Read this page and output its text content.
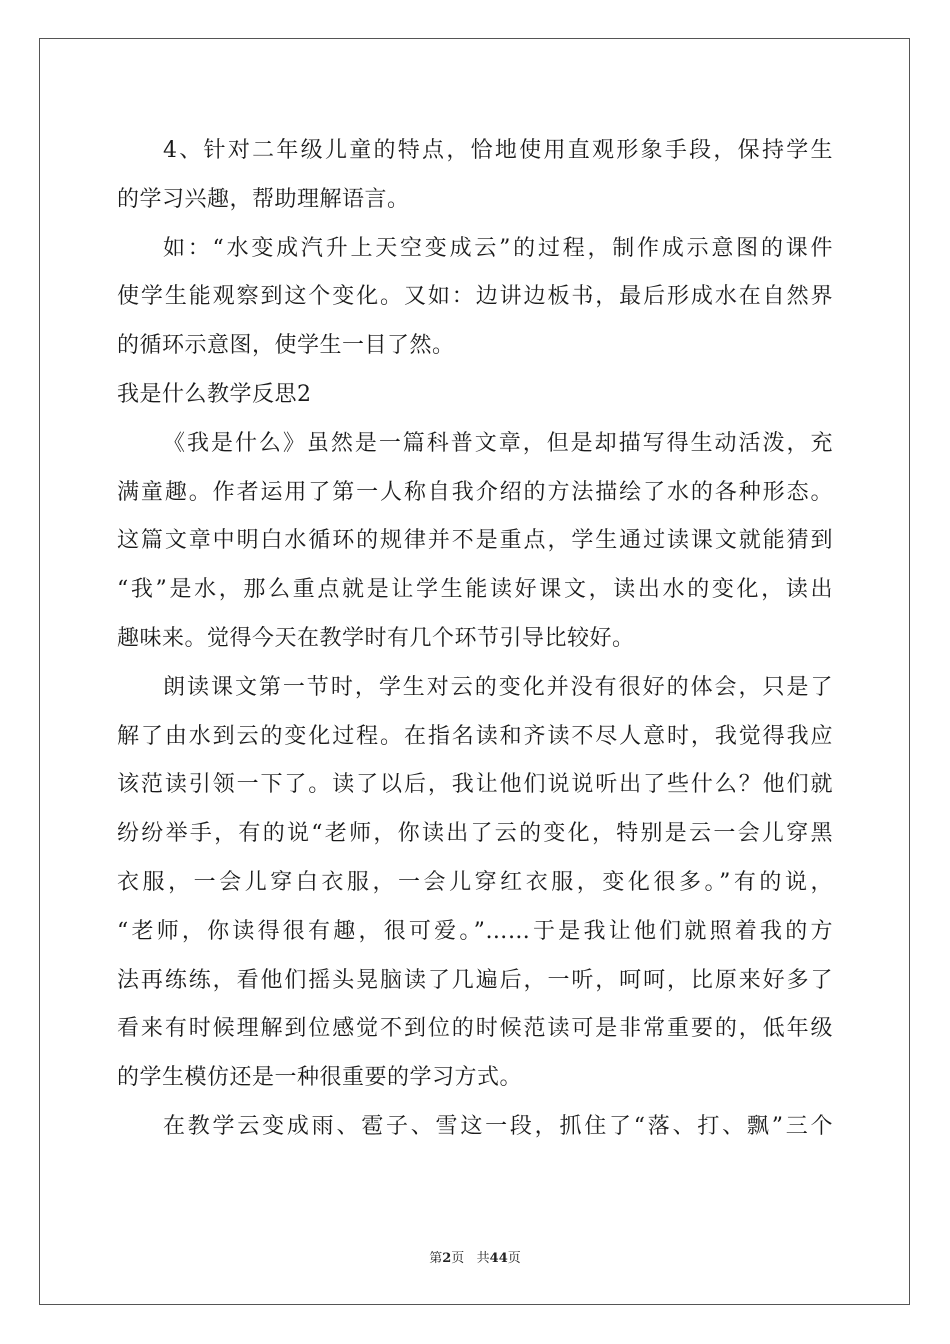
4、针对二年级儿童的特点，恰地使用直观形象手段，保持学生
的学习兴趣，帮助理解语言。
如：“水变成汽升上天空变成云”的过程，制作成示意图的课件
使学生能观察到这个变化。又如：边讲边板书，最后形成水在自然界
的循环示意图，使学生一目了然。
我是什么教学反思2
《我是什么》虽然是一篇科普文章，但是却描写得生动活泼，充
满童趣。作者运用了第一人称自我介绍的方法描绘了水的各种形态。
这篇文章中明白水循环的规律并不是重点，学生通过读课文就能猜到
“我”是水，那么重点就是让学生能读好课文，读出水的变化，读出
趣味来。觉得今天在教学时有几个环节引导比较好。
朗读课文第一节时，学生对云的变化并没有很好的体会，只是了
解了由水到云的变化过程。在指名读和齐读不尽人意时，我觉得我应
该范读引领一下了。读了以后，我让他们说说听出了些什么？他们就
纷纷举手，有的说“老师，你读出了云的变化，特别是云一会儿穿黑
衣服，一会儿穿白衣服，一会儿穿红衣服，变化很多。”有的说，
“老师，你读得很有趣，很可爱。”……于是我让他们就照着我的方
法再练练，看他们摇头晃脑读了几遍后，一听，呵呵，比原来好多了
看来有时候理解到位感觉不到位的时候范读可是非常重要的，低年级
的学生模仿还是一种很重要的学习方式。
在教学云变成雨、雹子、雪这一段，抓住了“落、打、飘”三个
第2页   共44页
